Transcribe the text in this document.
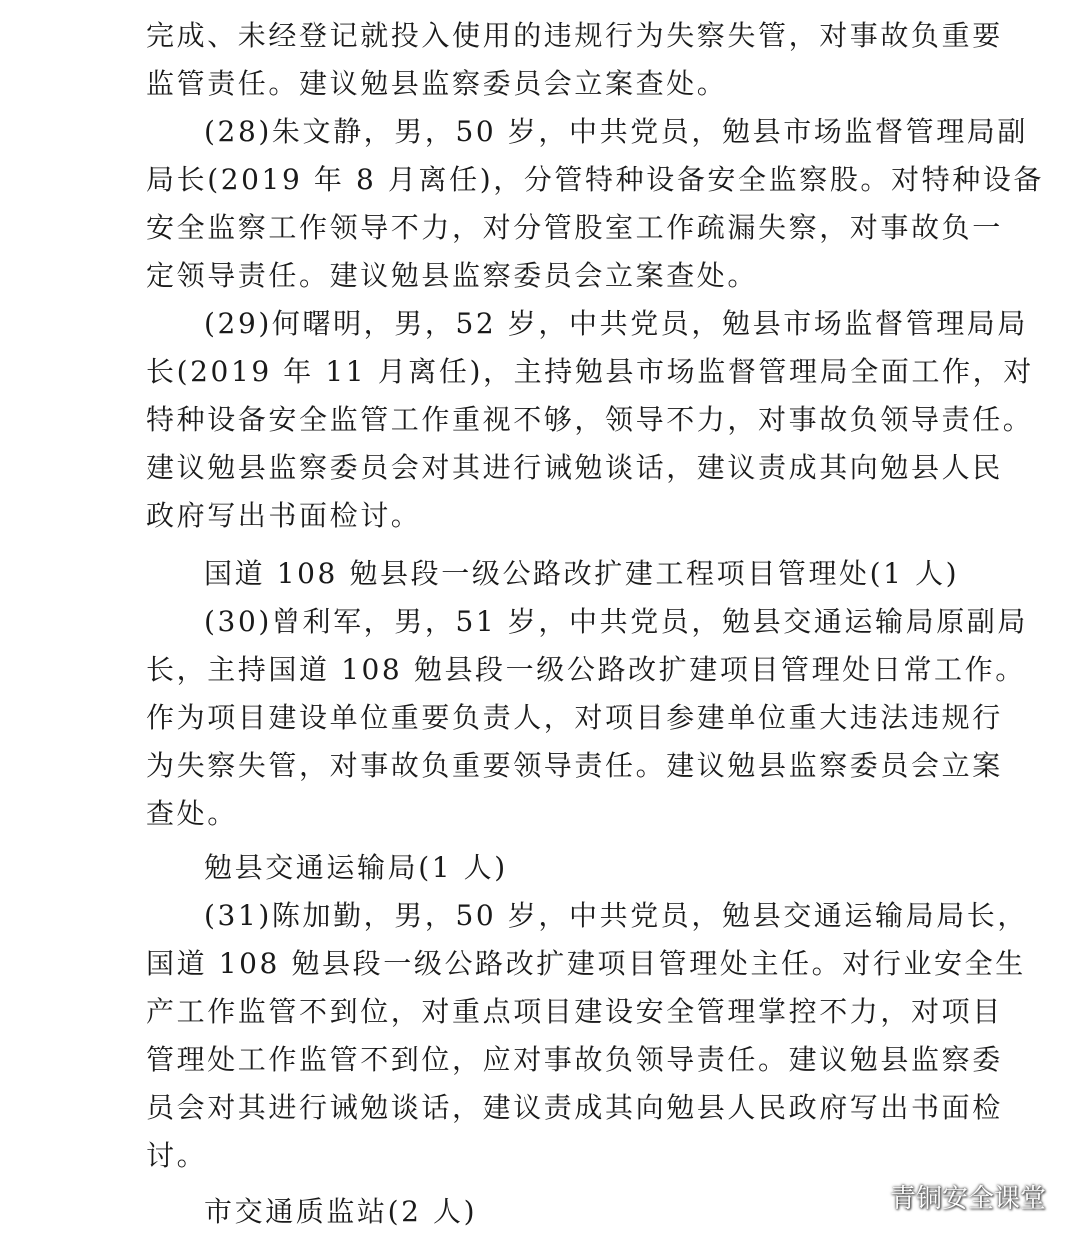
完成、未经登记就投入使用的违规行为失察失管，对事故负重要
监管责任。建议勉县监察委员会立案查处。
(28)朱文静，男，50 岁，中共党员，勉县市场监督管理局副
局长(2019 年 8 月离任)，分管特种设备安全监察股。对特种设备
安全监察工作领导不力，对分管股室工作疏漏失察，对事故负一
定领导责任。建议勉县监察委员会立案查处。
(29)何曙明，男，52 岁，中共党员，勉县市场监督管理局局
长(2019 年 11 月离任)，主持勉县市场监督管理局全面工作，对
特种设备安全监管工作重视不够，领导不力，对事故负领导责任。
建议勉县监察委员会对其进行诫勉谈话，建议责成其向勉县人民
政府写出书面检讨。
国道 108 勉县段一级公路改扩建工程项目管理处(1 人)
(30)曾利军，男，51 岁，中共党员，勉县交通运输局原副局
长，主持国道 108 勉县段一级公路改扩建项目管理处日常工作。
作为项目建设单位重要负责人，对项目参建单位重大违法违规行
为失察失管，对事故负重要领导责任。建议勉县监察委员会立案
查处。
勉县交通运输局(1 人)
(31)陈加勤，男，50 岁，中共党员，勉县交通运输局局长，
国道 108 勉县段一级公路改扩建项目管理处主任。对行业安全生
产工作监管不到位，对重点项目建设安全管理掌控不力，对项目
管理处工作监管不到位，应对事故负领导责任。建议勉县监察委
员会对其进行诫勉谈话，建议责成其向勉县人民政府写出书面检
讨。
市交通质监站(2 人)	青铜安全课堂
